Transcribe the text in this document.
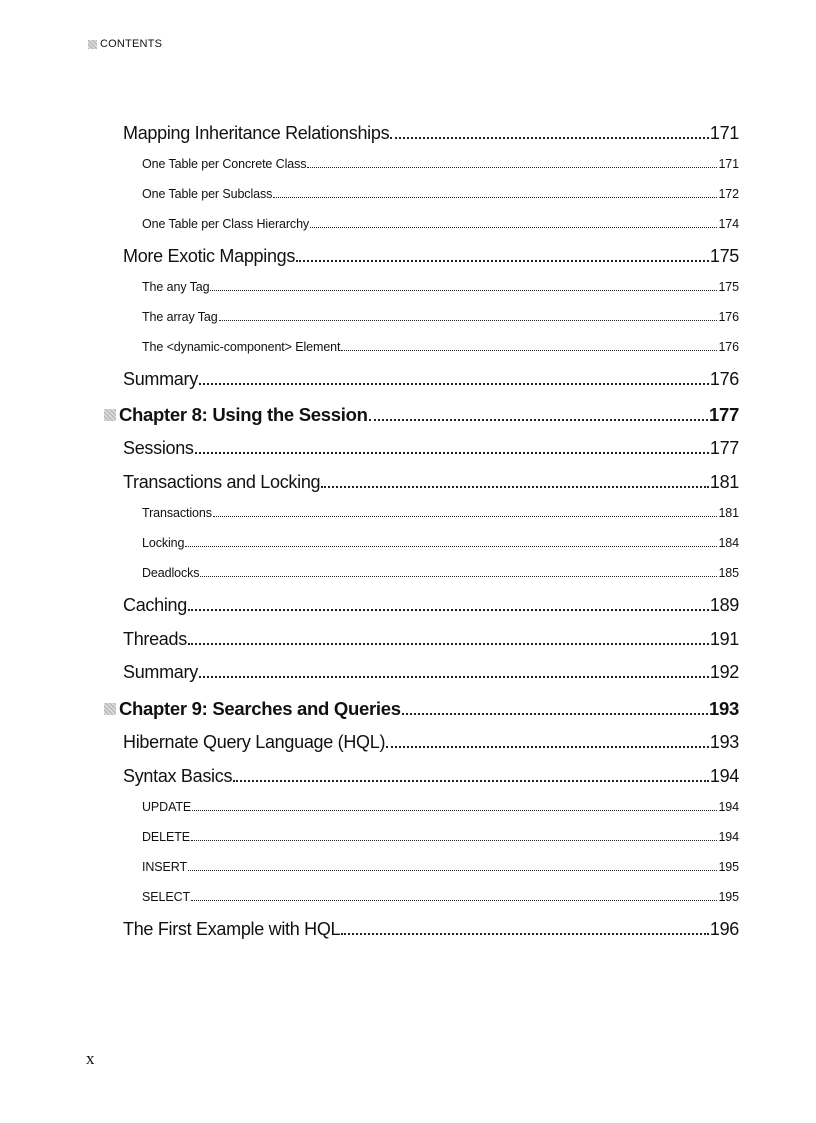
CONTENTS
Mapping Inheritance Relationships	171
One Table per Concrete Class	171
One Table per Subclass	172
One Table per Class Hierarchy	174
More Exotic Mappings	175
The any Tag	175
The array Tag	176
The <dynamic-component> Element	176
Summary	176
Chapter 8: Using the Session	177
Sessions	177
Transactions and Locking	181
Transactions	181
Locking	184
Deadlocks	185
Caching	189
Threads	191
Summary	192
Chapter 9: Searches and Queries	193
Hibernate Query Language (HQL)	193
Syntax Basics	194
UPDATE	194
DELETE	194
INSERT	195
SELECT	195
The First Example with HQL	196
x
